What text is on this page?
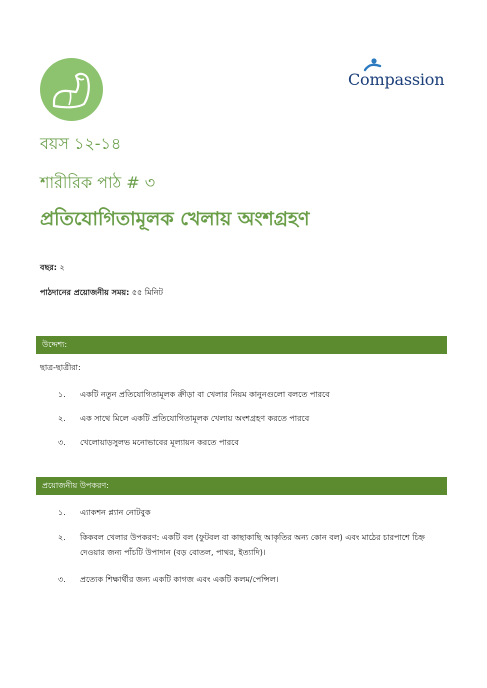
Compassion
বয়স ১২-১৪
শারীরিক পাঠ # ৩
প্রতিযোগিতামূলক খেলায় অংশগ্রহণ
বছর: ২
পাঠদানের প্রয়োজনীয় সময়: ৫৫ মিনিট
উদ্দেশ্য:
ছাত্র-ছাত্রীরা:
১.	একটি নতুন প্রতিযোগিতামূলক ক্রীড়া বা খেলার নিয়ম কানুনগুলো বলতে পারবে
২.	এক সাথে মিলে একটি প্রতিযোগিতামূলক খেলায় অংশগ্রহণ করতে পারবে
৩.	খেলোয়াড়সুলভ মনোভাবের মূল্যায়ন করতে পারবে
প্রয়োজনীয় উপকরণ:
১.	এ্যাকশন প্ল্যান নোটবুক
২.	কিকবল খেলার উপকরণ: একটি বল (ফুটবল বা কাছাকাছি আকৃতির অন্য কোন বল) এবং মাঠের চারপাশে চিহ্ন দেওয়ার জন্য পাঁচটি উপাদান (বড় বোতল, পাথর, ইত্যাদি)।
৩.	প্রত্যেক শিক্ষার্থীর জন্য একটি কাগজ এবং একটি কলম/পেন্সিল।
